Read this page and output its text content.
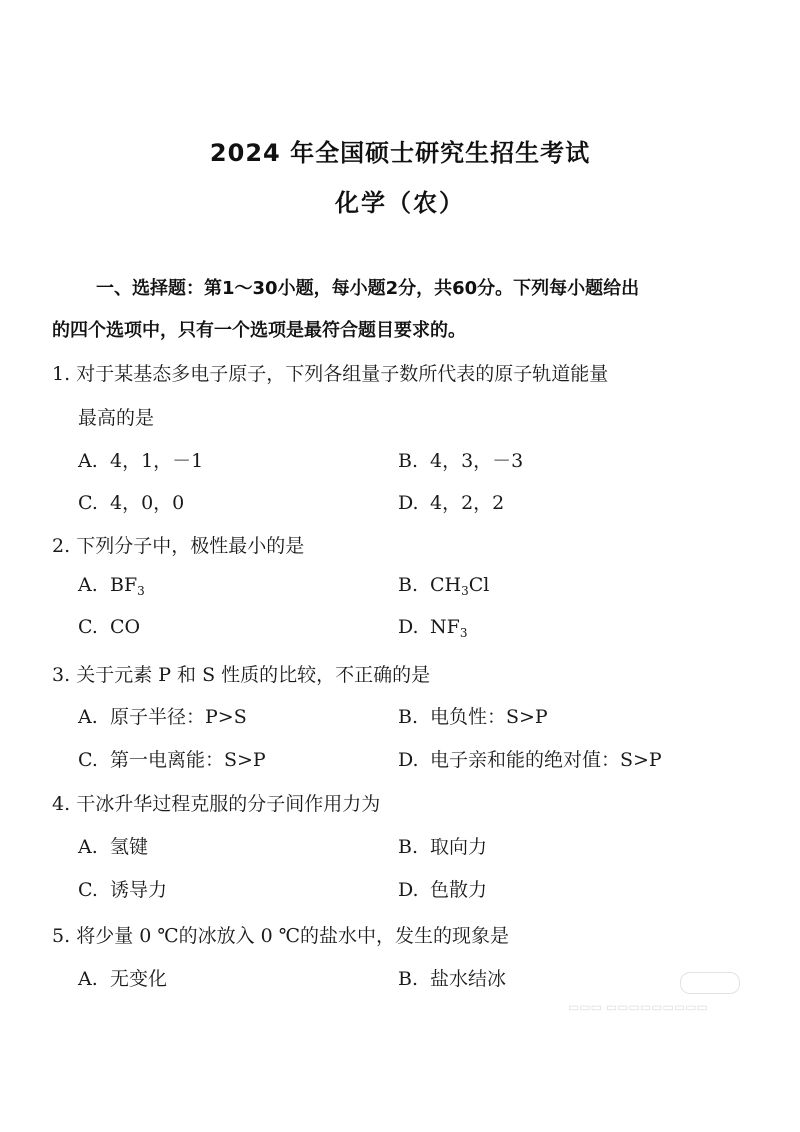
2024 年全国硕士研究生招生考试
化学（农）
一、选择题：第1～30小题，每小题2分，共60分。下列每小题给出
的四个选项中，只有一个选项是最符合题目要求的。
1. 对于某基态多电子原子，下列各组量子数所代表的原子轨道能量
最高的是
A. 4，1，－1	B. 4，3，－3
C. 4，0，0	D. 4，2，2
2. 下列分子中，极性最小的是
A. $BF_3$	B. $CH_3Cl$
C. CO	D. $NF_3$
3. 关于元素 P 和 S 性质的比较，不正确的是
A. 原子半径：P>S	B. 电负性：S>P
C. 第一电离能：S>P	D. 电子亲和能的绝对值：S>P
4. 干冰升华过程克服的分子间作用力为
A. 氢键	B. 取向力
C. 诱导力	D. 色散力
5. 将少量 0 ℃的冰放入 0 ℃的盐水中，发生的现象是
A. 无变化	B. 盐水结冰
▭▭▭ ▭▭▭▭▭▭▭▭▭
